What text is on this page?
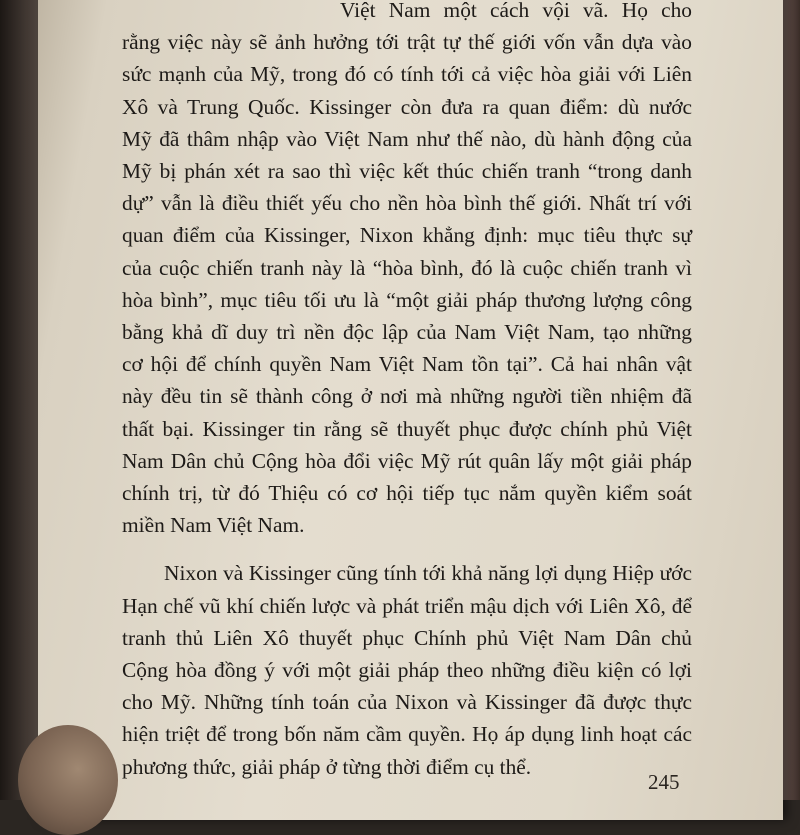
Việt Nam một cách vội vã. Họ cho
rằng việc này sẽ ảnh hưởng tới trật tự thế giới vốn vẫn dựa vào
sức mạnh của Mỹ, trong đó có tính tới cả việc hòa giải với Liên
Xô và Trung Quốc. Kissinger còn đưa ra quan điểm: dù nước
Mỹ đã thâm nhập vào Việt Nam như thế nào, dù hành động của
Mỹ bị phán xét ra sao thì việc kết thúc chiến tranh “trong danh
dự” vẫn là điều thiết yếu cho nền hòa bình thế giới. Nhất trí với
quan điểm của Kissinger, Nixon khẳng định: mục tiêu thực sự
của cuộc chiến tranh này là “hòa bình, đó là cuộc chiến tranh vì
hòa bình”, mục tiêu tối ưu là “một giải pháp thương lượng công
bằng khả dĩ duy trì nền độc lập của Nam Việt Nam, tạo những
cơ hội để chính quyền Nam Việt Nam tồn tại”. Cả hai nhân vật
này đều tin sẽ thành công ở nơi mà những người tiền nhiệm đã
thất bại. Kissinger tin rằng sẽ thuyết phục được chính phủ Việt
Nam Dân chủ Cộng hòa đổi việc Mỹ rút quân lấy một giải pháp
chính trị, từ đó Thiệu có cơ hội tiếp tục nắm quyền kiểm soát
miền Nam Việt Nam.
Nixon và Kissinger cũng tính tới khả năng lợi dụng Hiệp ước
Hạn chế vũ khí chiến lược và phát triển mậu dịch với Liên Xô, để
tranh thủ Liên Xô thuyết phục Chính phủ Việt Nam Dân chủ
Cộng hòa đồng ý với một giải pháp theo những điều kiện có lợi
cho Mỹ. Những tính toán của Nixon và Kissinger đã được thực
hiện triệt để trong bốn năm cầm quyền. Họ áp dụng linh hoạt các
phương thức, giải pháp ở từng thời điểm cụ thể.
245
